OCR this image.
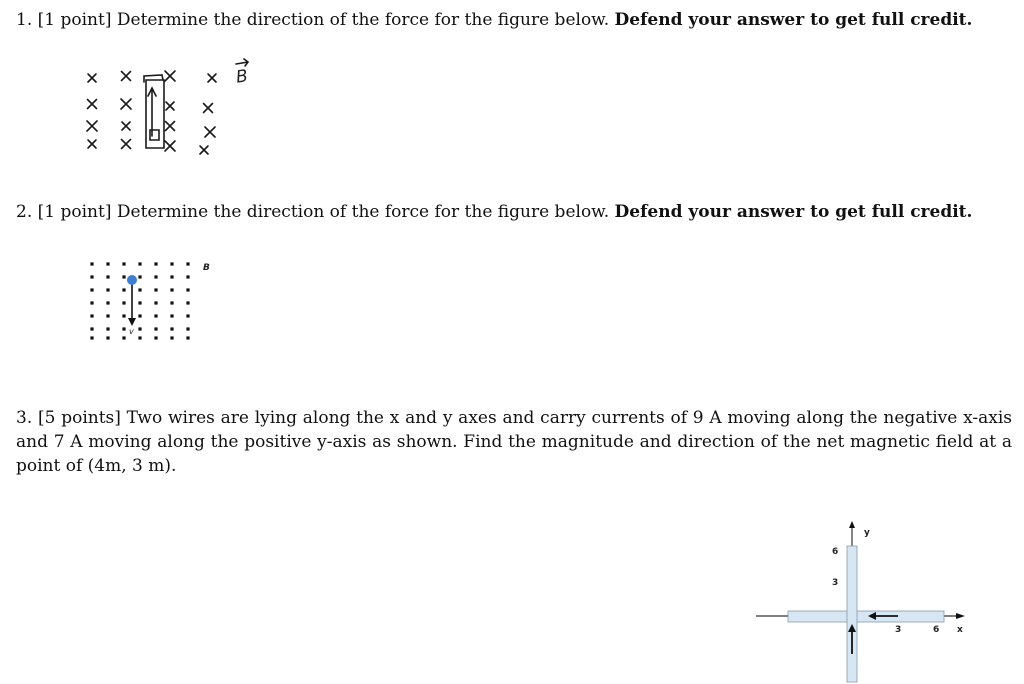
1. [1 point] Determine the direction of the force for the figure below. Defend your answer to get full credit.

B

2. [1 point] Determine the direction of the force for the figure below. Defend your answer to get full credit.

v
B

3. [5 points] Two wires are lying along the x and y axes and carry currents of 9 A moving along the negative x-axis and 7 A moving along the positive y-axis as shown. Find the magnitude and direction of the net magnetic field at a point of (4m, 3 m).

y
6
3
3	6 x
